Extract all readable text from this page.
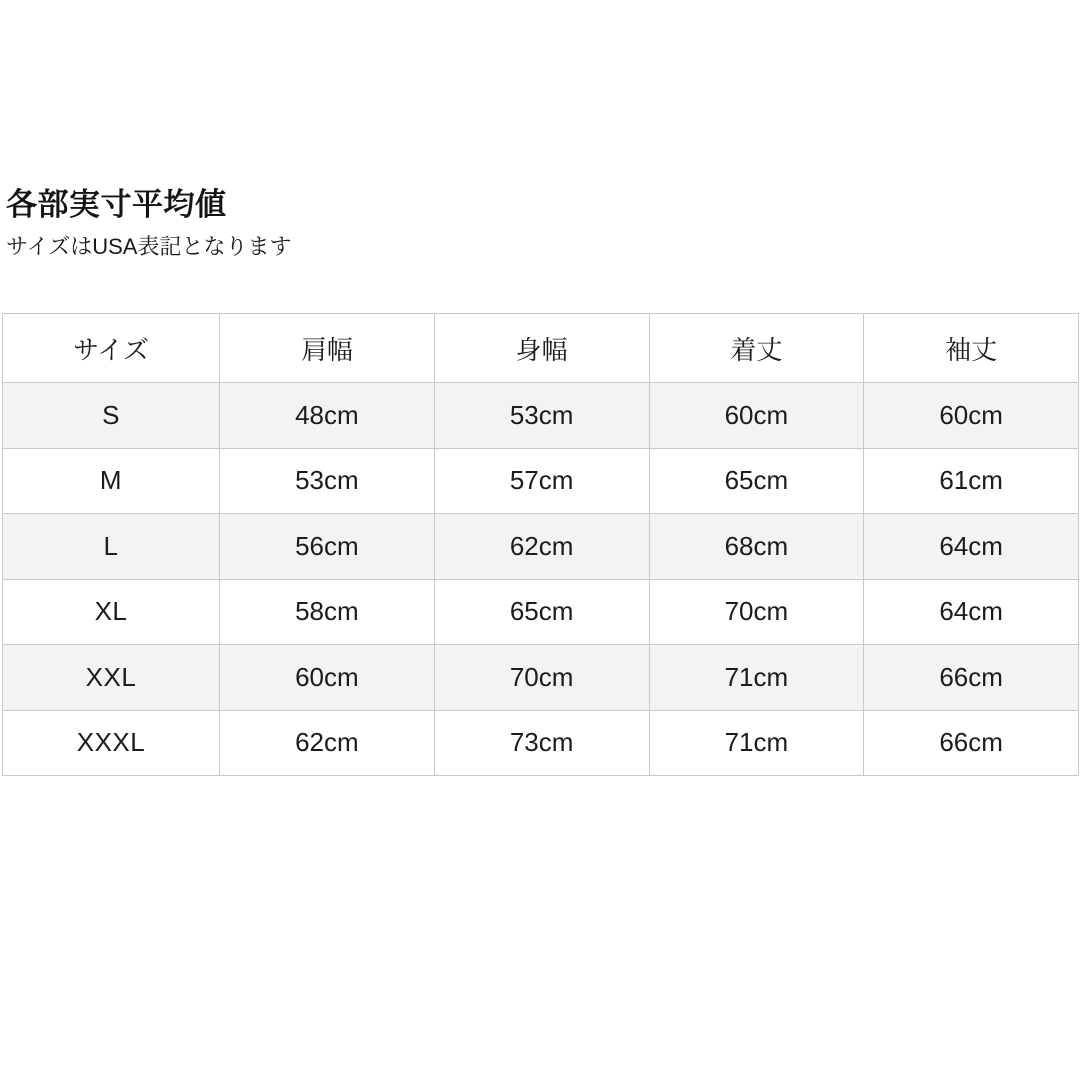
各部実寸平均値

サイズはUSA表記となります

サイズ	肩幅	身幅	着丈	袖丈
S	48cm	53cm	60cm	60cm
M	53cm	57cm	65cm	61cm
L	56cm	62cm	68cm	64cm
XL	58cm	65cm	70cm	64cm
XXL	60cm	70cm	71cm	66cm
XXXL	62cm	73cm	71cm	66cm
